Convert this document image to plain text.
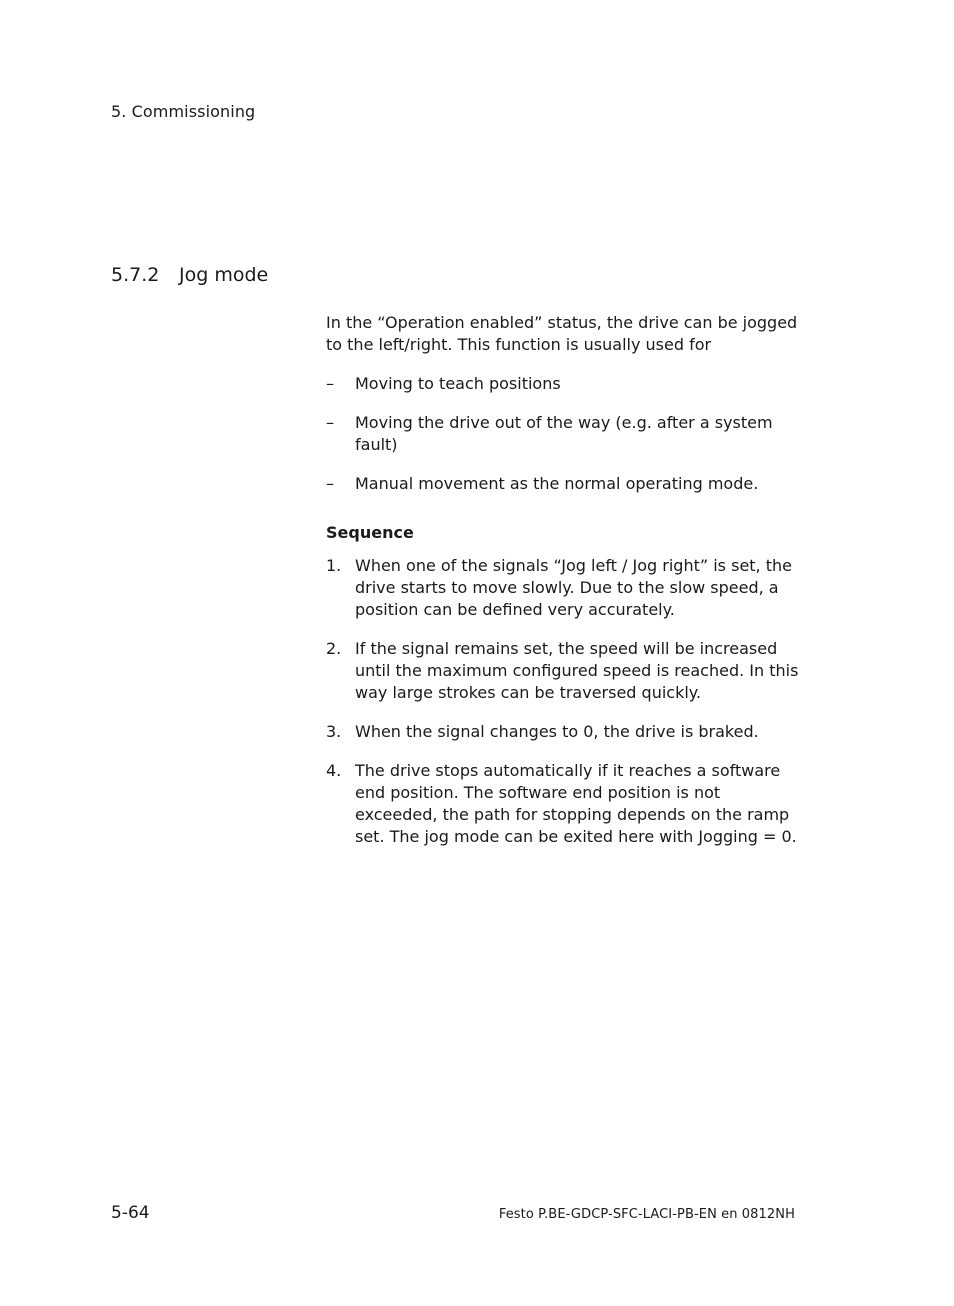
5. Commissioning
5.7.2	Jog mode

In the “Operation enabled” status, the drive can be jogged to the left/right. This function is usually used for

–	Moving to teach positions
–	Moving the drive out of the way (e.g. after a system fault)
–	Manual movement as the normal operating mode.
Sequence
1. When one of the signals “Jog left / Jog right” is set, the drive starts to move slowly. Due to the slow speed, a position can be defined very accurately.
2. If the signal remains set, the speed will be increased until the maximum configured speed is reached. In this way large strokes can be traversed quickly.
3. When the signal changes to 0, the drive is braked.
4. The drive stops automatically if it reaches a software end position. The software end position is not exceeded, the path for stopping depends on the ramp set. The jog mode can be exited here with Jogging = 0.
5-64	Festo P.BE-GDCP-SFC-LACI-PB-EN en 0812NH
